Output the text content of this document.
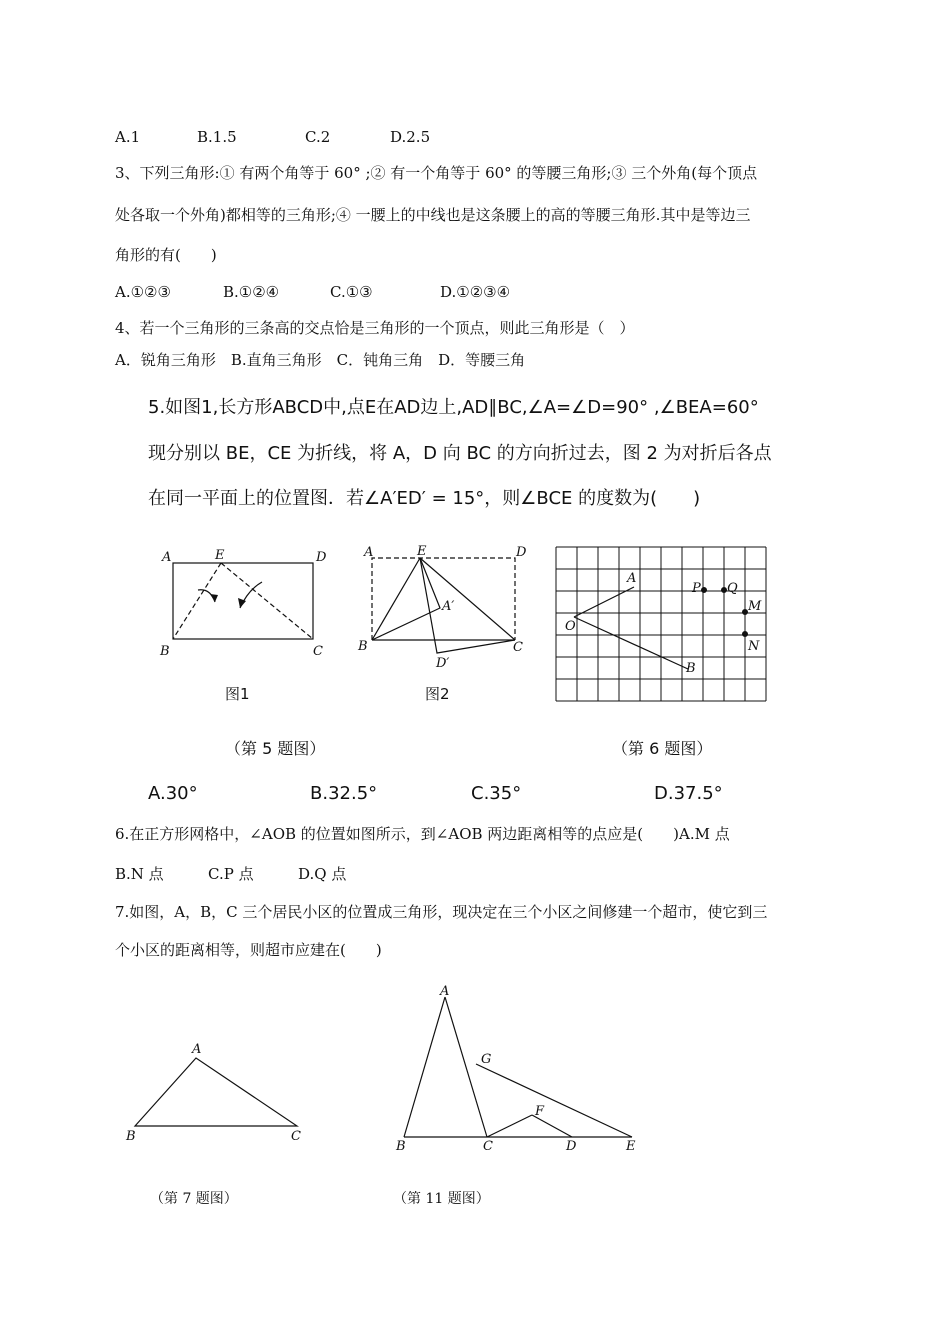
A.1	B.1.5	C.2	D.2.5
3、下列三角形:① 有两个角等于 60° ;② 有一个角等于 60° 的等腰三角形;③ 三个外角(每个顶点
处各取一个外角)都相等的三角形;④ 一腰上的中线也是这条腰上的高的等腰三角形.其中是等边三
角形的有(　　)
A.①②③	B.①②④	C.①③	D.①②③④
4、若一个三角形的三条高的交点恰是三角形的一个顶点，则此三角形是（　）
A．锐角三角形　B.直角三角形　C．钝角三角　D．等腰三角
5.如图1,长方形ABCD中,点E在AD边上,AD∥BC,∠A=∠D=90° ,∠BEA=60°
现分别以 BE，CE 为折线，将 A，D 向 BC 的方向折过去，图 2 为对折后各点
在同一平面上的位置图．若∠A′ED′ = 15°，则∠BCE 的度数为(　　)
A	E	D
B	C
A	E	D
A′
B	C
D′
A
P Q
M
O
N
B
A
B	C
A
G
F
B	C	D	E
图1	图2
（第 5 题图）	（第 6 题图）
A.30°	B.32.5°	C.35°	D.37.5°
6.在正方形网格中，∠AOB 的位置如图所示，到∠AOB 两边距离相等的点应是(　　)A.M 点
B.N 点	C.P 点	D.Q 点
7.如图，A，B，C 三个居民小区的位置成三角形，现决定在三个小区之间修建一个超市，使它到三
个小区的距离相等，则超市应建在(　　)
（第 7 题图）	（第 11 题图）
